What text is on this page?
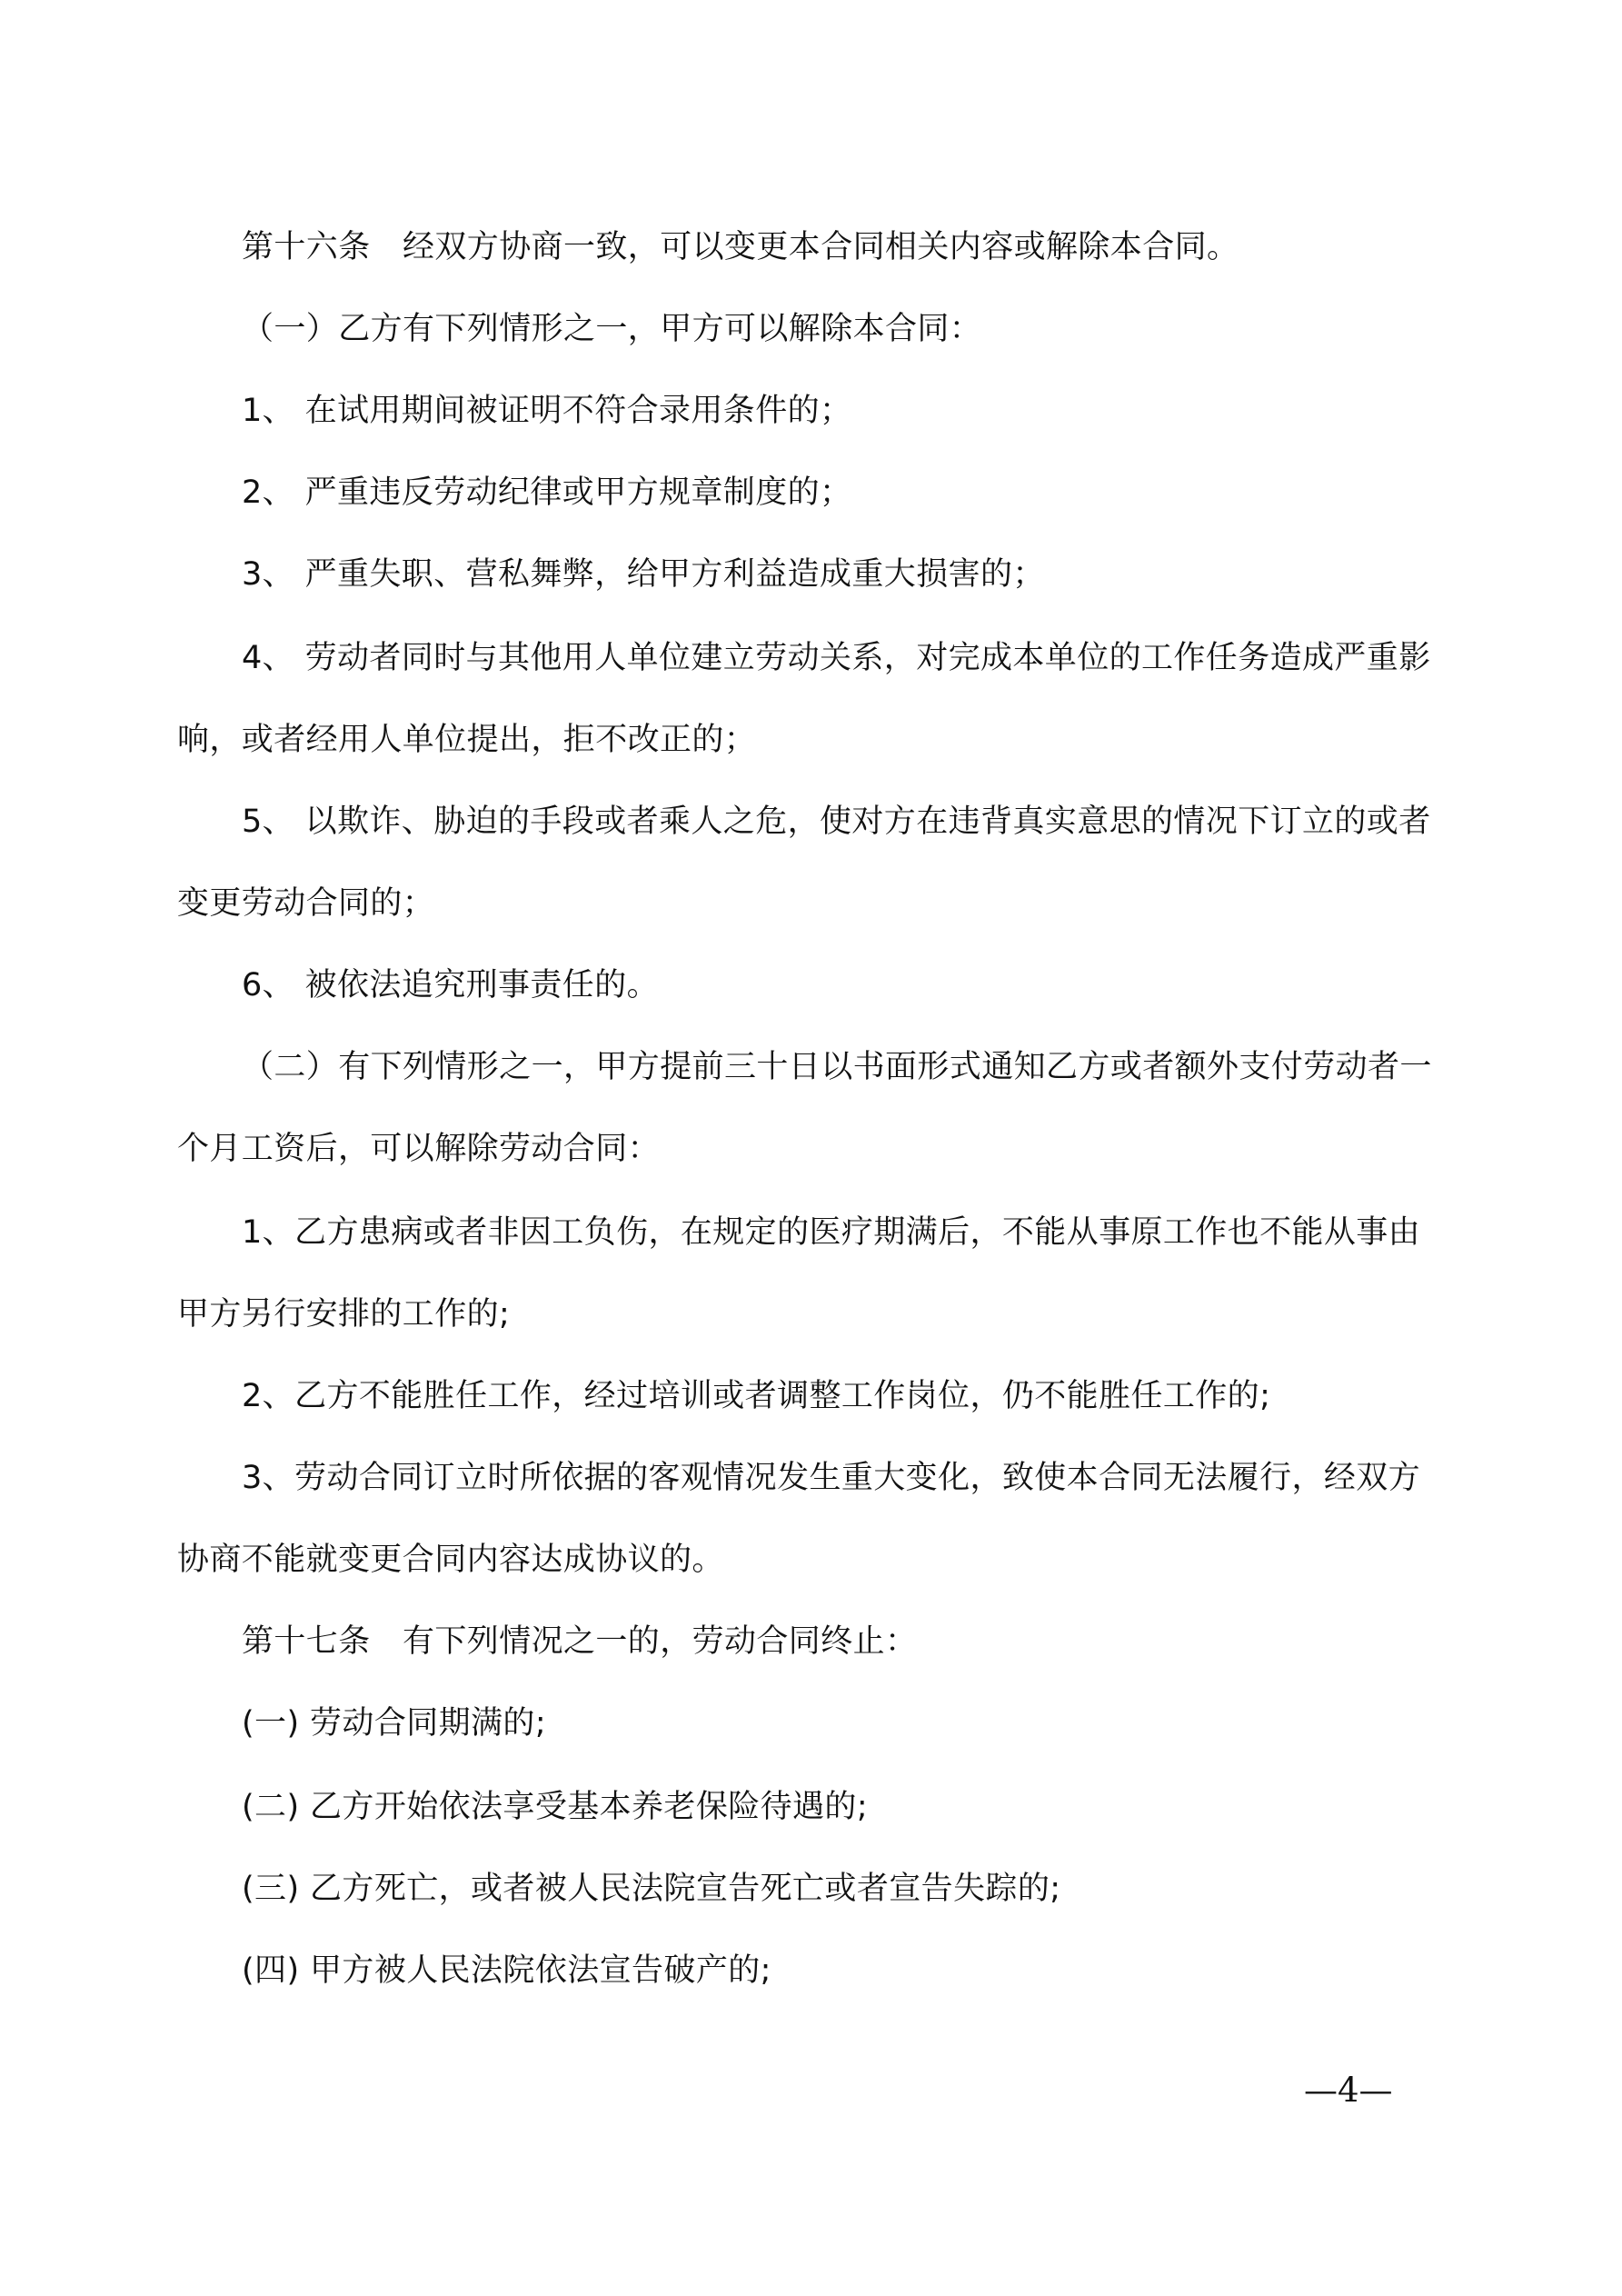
第十六条　经双方协商一致，可以变更本合同相关内容或解除本合同。
（一）乙方有下列情形之一，甲方可以解除本合同：
1、 在试用期间被证明不符合录用条件的；
2、 严重违反劳动纪律或甲方规章制度的；
3、 严重失职、营私舞弊，给甲方利益造成重大损害的；
4、 劳动者同时与其他用人单位建立劳动关系，对完成本单位的工作任务造成严重影
响，或者经用人单位提出，拒不改正的；
5、 以欺诈、胁迫的手段或者乘人之危，使对方在违背真实意思的情况下订立的或者
变更劳动合同的；
6、 被依法追究刑事责任的。
（二）有下列情形之一，甲方提前三十日以书面形式通知乙方或者额外支付劳动者一
个月工资后，可以解除劳动合同：
1、乙方患病或者非因工负伤，在规定的医疗期满后，不能从事原工作也不能从事由
甲方另行安排的工作的;
2、乙方不能胜任工作，经过培训或者调整工作岗位，仍不能胜任工作的;
3、劳动合同订立时所依据的客观情况发生重大变化，致使本合同无法履行，经双方
协商不能就变更合同内容达成协议的。
第十七条　有下列情况之一的，劳动合同终止：
(一) 劳动合同期满的;
(二) 乙方开始依法享受基本养老保险待遇的;
(三) 乙方死亡，或者被人民法院宣告死亡或者宣告失踪的;
(四) 甲方被人民法院依法宣告破产的;
—4—
